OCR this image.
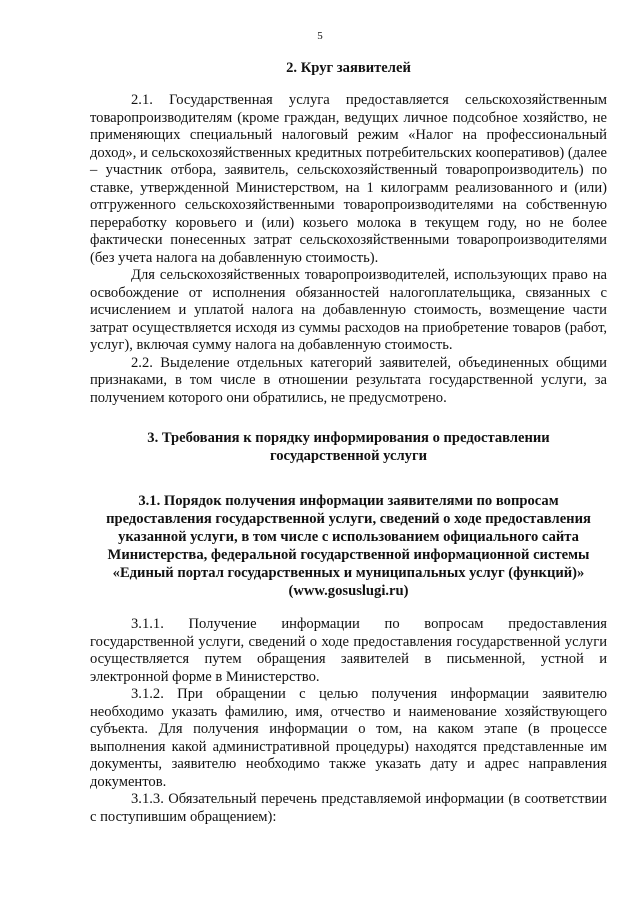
5
2. Круг заявителей

2.1. Государственная услуга предоставляется сельскохозяйственным товаропроизводителям (кроме граждан, ведущих личное подсобное хозяйство, не применяющих специальный налоговый режим «Налог на профессиональный доход», и сельскохозяйственных кредитных потребительских кооперативов) (далее – участник отбора, заявитель, сельскохозяйственный товаропроизводитель) по ставке, утвержденной Министерством, на 1 килограмм реализованного и (или) отгруженного сельскохозяйственными товаропроизводителями на собственную переработку коровьего и (или) козьего молока в текущем году, но не более фактически понесенных затрат сельскохозяйственными товаропроизводителями (без учета налога на добавленную стоимость).

Для сельскохозяйственных товаропроизводителей, использующих право на освобождение от исполнения обязанностей налогоплательщика, связанных с исчислением и уплатой налога на добавленную стоимость, возмещение части затрат осуществляется исходя из суммы расходов на приобретение товаров (работ, услуг), включая сумму налога на добавленную стоимость.

2.2. Выделение отдельных категорий заявителей, объединенных общими признаками, в том числе в отношении результата государственной услуги, за получением которого они обратились, не предусмотрено.

3. Требования к порядку информирования о предоставлении
государственной услуги
3.1. Порядок получения информации заявителями по вопросам
предоставления государственной услуги, сведений о ходе предоставления
указанной услуги, в том числе с использованием официального сайта
Министерства, федеральной государственной информационной системы
«Единый портал государственных и муниципальных услуг (функций)»
(www.gosuslugi.ru)

3.1.1. Получение информации по вопросам предоставления государственной услуги, сведений о ходе предоставления государственной услуги осуществляется путем обращения заявителей в письменной, устной и электронной форме в Министерство.

3.1.2. При обращении с целью получения информации заявителю необходимо указать фамилию, имя, отчество и наименование хозяйствующего субъекта. Для получения информации о том, на каком этапе (в процессе выполнения какой административной процедуры) находятся представленные им документы, заявителю необходимо также указать дату и адрес направления документов.

3.1.3. Обязательный перечень представляемой информации (в соответствии с поступившим обращением):
